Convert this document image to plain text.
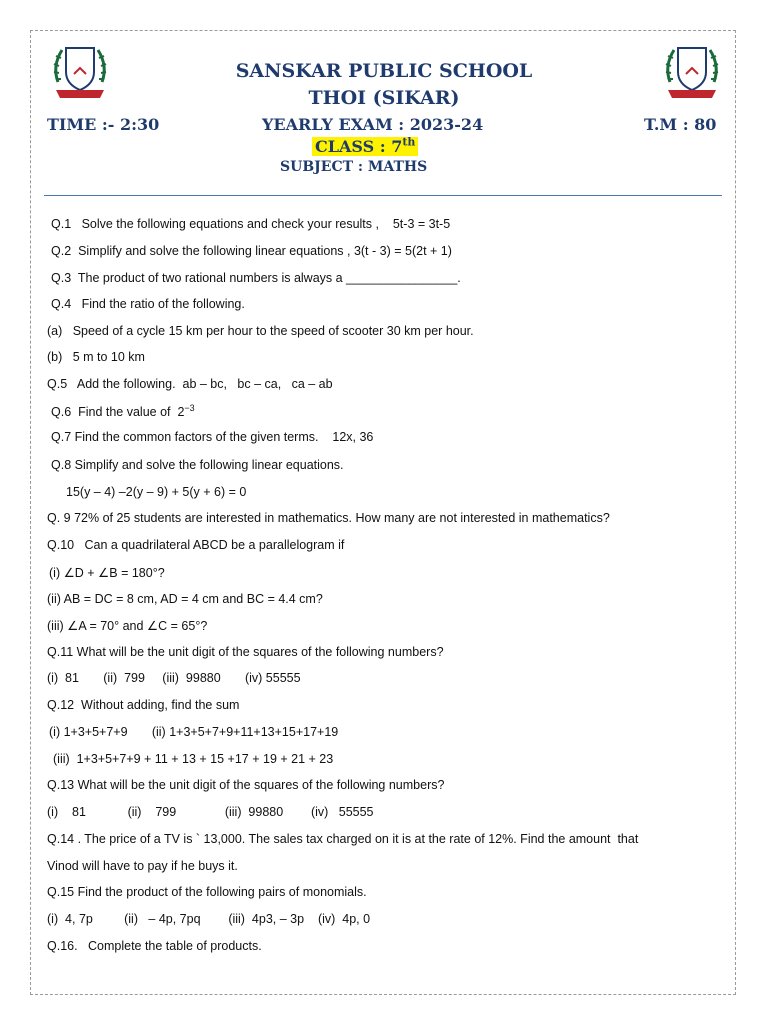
SANSKAR PUBLIC SCHOOL
THOI (SIKAR)
TIME :- 2:30	YEARLY EXAM : 2023-24	T.M : 80
CLASS : 7th
SUBJECT : MATHS
Q.1   Solve the following equations and check your results ,    5t-3 = 3t-5
Q.2  Simplify and solve the following linear equations , 3(t - 3) = 5(2t + 1)
Q.3  The product of two rational numbers is always a ________________.
Q.4   Find the ratio of the following.
(a)   Speed of a cycle 15 km per hour to the speed of scooter 30 km per hour.
(b)   5 m to 10 km
Q.5   Add the following.  ab – bc,   bc – ca,   ca – ab
Q.6  Find the value of  $2^{-3}$
Q.7 Find the common factors of the given terms.    12x, 36
Q.8 Simplify and solve the following linear equations.
15(y – 4) –2(y – 9) + 5(y + 6) = 0
Q. 9 72% of 25 students are interested in mathematics. How many are not interested in mathematics?
Q.10   Can a quadrilateral ABCD be a parallelogram if
(i) ∠D + ∠B = 180°?
(ii) AB = DC = 8 cm, AD = 4 cm and BC = 4.4 cm?
(iii) ∠A = 70° and ∠C = 65°?
Q.11 What will be the unit digit of the squares of the following numbers?
(i)  81       (ii)  799     (iii)  99880       (iv) 55555
Q.12  Without adding, find the sum
(i) 1+3+5+7+9       (ii) 1+3+5+7+9+11+13+15+17+19
(iii)  1+3+5+7+9 + 11 + 13 + 15 +17 + 19 + 21 + 23
Q.13 What will be the unit digit of the squares of the following numbers?
(i)    81            (ii)    799              (iii)  99880        (iv)   55555
Q.14 . The price of a TV is ` 13,000. The sales tax charged on it is at the rate of 12%. Find the amount  that
Vinod will have to pay if he buys it.
Q.15 Find the product of the following pairs of monomials.
(i)  4, 7p         (ii)   – 4p, 7pq        (iii)  4p3, – 3p    (iv)  4p, 0
Q.16.   Complete the table of products.
